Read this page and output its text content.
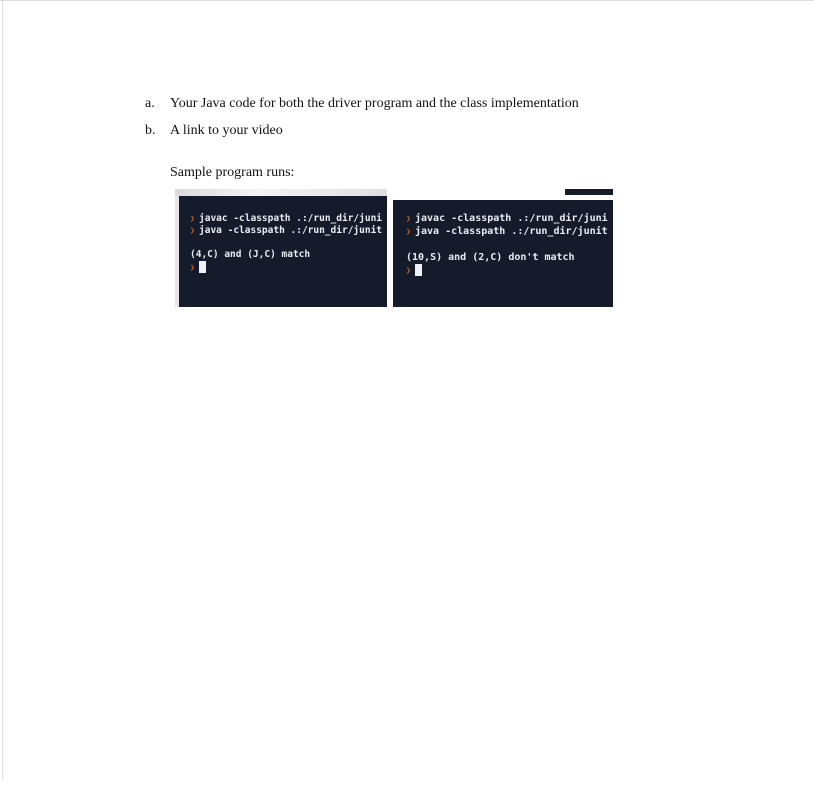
a. Your Java code for both the driver program and the class implementation
b. A link to your video
Sample program runs:
❯ javac -classpath .:/run_dir/juni
❯ java -classpath .:/run_dir/junit
(4,C) and (J,C) match
❯
❯ javac -classpath .:/run_dir/juni
❯ java -classpath .:/run_dir/junit
(10,S) and (2,C) don't match
❯
